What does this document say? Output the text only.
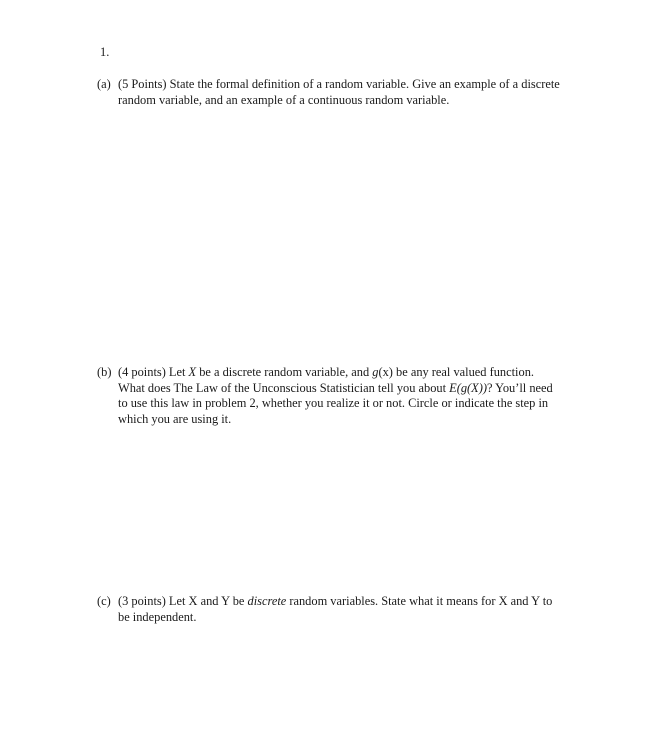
1.
(a) (5 Points) State the formal definition of a random variable. Give an example of a discrete
random variable, and an example of a continuous random variable.
(b) (4 points) Let X be a discrete random variable, and g(x) be any real valued function.
What does The Law of the Unconscious Statistician tell you about E(g(X))? You’ll need
to use this law in problem 2, whether you realize it or not. Circle or indicate the step in
which you are using it.
(c) (3 points) Let X and Y be discrete random variables. State what it means for X and Y to
be independent.
